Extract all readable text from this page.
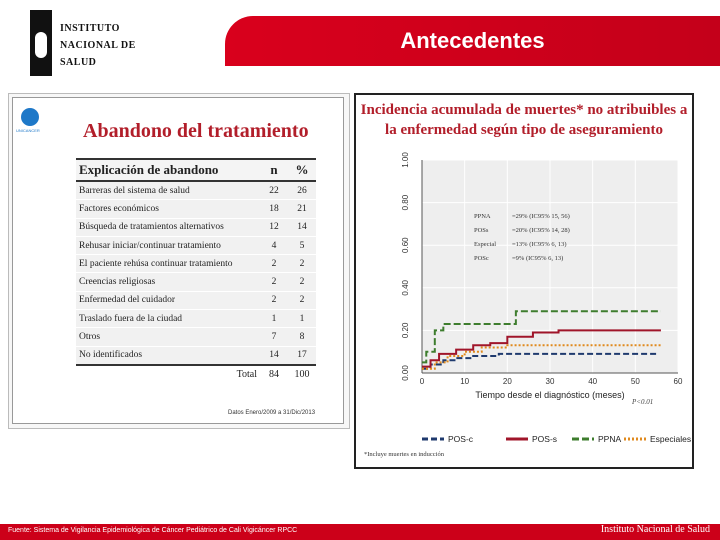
INSTITUTO
NACIONAL DE
SALUD
Antecedentes
UNICANCER Abandono del tratamiento
Explicación de abandono	n	%
Barreras del sistema de salud	22	26
Factores económicos	18	21
Búsqueda de tratamientos alternativos	12	14
Rehusar iniciar/continuar tratamiento	4	5
El paciente rehúsa continuar tratamiento	2	2
Creencias religiosas	2	2
Enfermedad del cuidador	2	2
Traslado fuera de la ciudad	1	1
Otros	7	8
No identificados	14	17
Total	84	100
Datos Enero/2009 a 31/Dic/2013
Incidencia acumulada de muertes* no atribuibles a
la enfermedad según tipo de aseguramiento
0.00
0.20
0.40
0.60
0.80
1.00
0	10	20	30	40	50	60
Tiempo desde el diagnóstico (meses)
P<0.01
PPNA	=29% (IC95% 15, 56)
POSs	=20% (IC95% 14, 28)
Especial =13% (IC95% 6, 13)
POSc	=9% (IC95% 6, 13)
POS-c	POS-s	PPNA	Especiales
*Incluye muertes en inducción
Fuente: Sistema de Vigilancia Epidemiológica de Cáncer Pediátrico de Cali Vigicáncer RPCC	Instituto Nacional de Salud
